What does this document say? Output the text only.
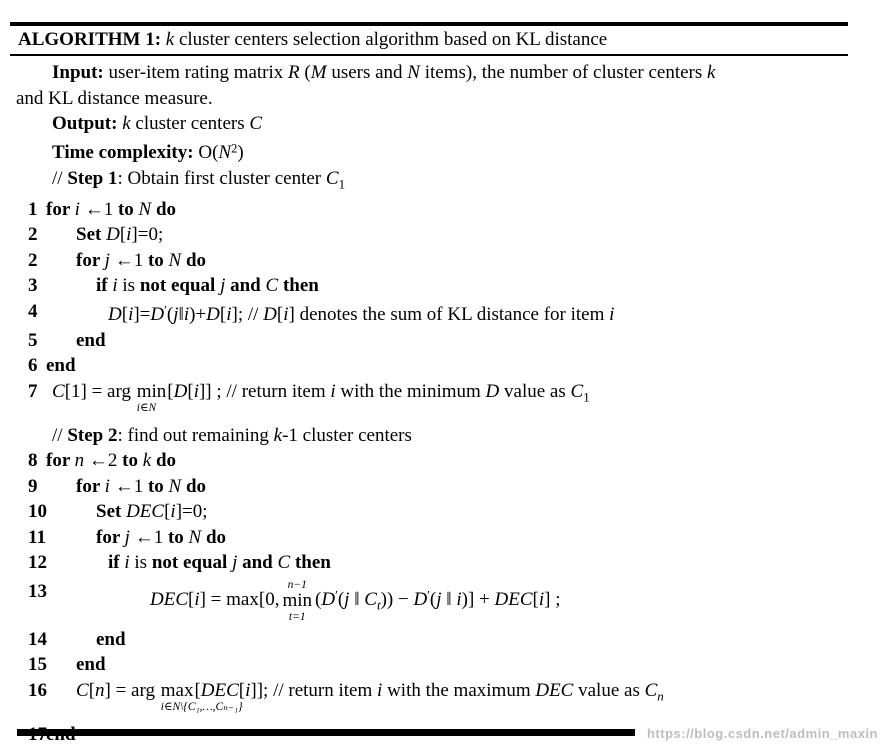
ALGORITHM 1: k cluster centers selection algorithm based on KL distance
Input: user-item rating matrix R (M users and N items), the number of cluster centers k
and KL distance measure.
Output: k cluster centers C
Time complexity: $O(N^2)$
// Step 1: Obtain first cluster center $C_1$
1 for i ←1 to N do
2 Set D[i]=0;
2 for j ←1 to N do
3	if i is not equal j and C then
4	D[i]=D′(j‖i)+D[i]; // D[i] denotes the sum of KL distance for item i
5 end
6 end
7 C[1] = arg min
i∈N
[D[i]] ; // return item i with the minimum D value as $C_1$
// Step 2: find out remaining k-1 cluster centers
8 for n ←2 to k do
9 for i ←1 to N do
10	Set DEC[i]=0;
11	for j ←1 to N do
12	if i is not equal j and C then
13	DEC[i] = max[0,
n−1
min
t=1
(D′(j ‖ $C_t)) - D'(j$ ‖ i)] + DEC[i] ;
14	end
15 end
16 C[n] = arg max
i∈N\{C₁,…,Cₙ₋₁}
[DEC[i]]; // return item i with the maximum DEC value as $C_n$
https://blog.csdn.net/admin_maxin
